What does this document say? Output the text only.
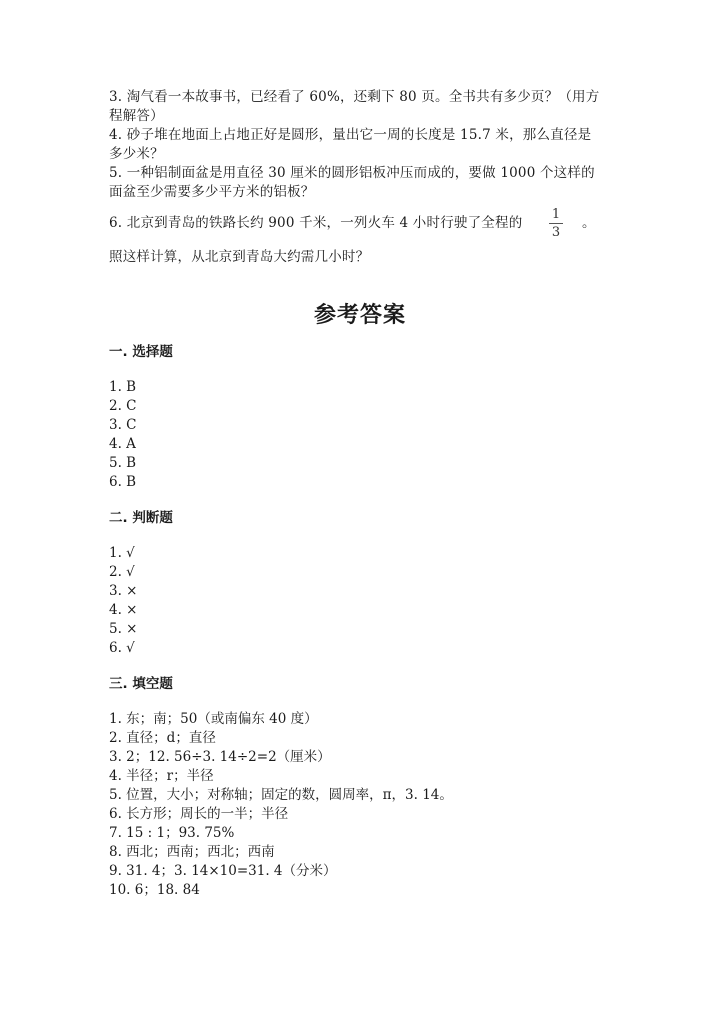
3. 淘气看一本故事书，已经看了 60%，还剩下 80 页。全书共有多少页？（用方
程解答）
4. 砂子堆在地面上占地正好是圆形，量出它一周的长度是 15.7 米，那么直径是
多少米？
5. 一种铝制面盆是用直径 30 厘米的圆形铝板冲压而成的，要做 1000 个这样的
面盆至少需要多少平方米的铝板？
6. 北京到青岛的铁路长约 900 千米，一列火车 4 小时行驶了全程的
1
3
。
照这样计算，从北京到青岛大约需几小时？
参考答案
一. 选择题
1. B
2. C
3. C
4. A
5. B
6. B
二. 判断题
1. √
2. √
3. ×
4. ×
5. ×
6. √
三. 填空题
1. 东；南；50（或南偏东 40 度）
2. 直径；d；直径
3. 2；12. 56÷3. 14÷2=2（厘米）
4. 半径；r；半径
5. 位置，大小；对称轴；固定的数，圆周率，π，3. 14。
6. 长方形；周长的一半；半径
7. 15 : 1；93. 75%
8. 西北；西南；西北；西南
9. 31. 4；3. 14×10=31. 4（分米）
10. 6；18. 84
